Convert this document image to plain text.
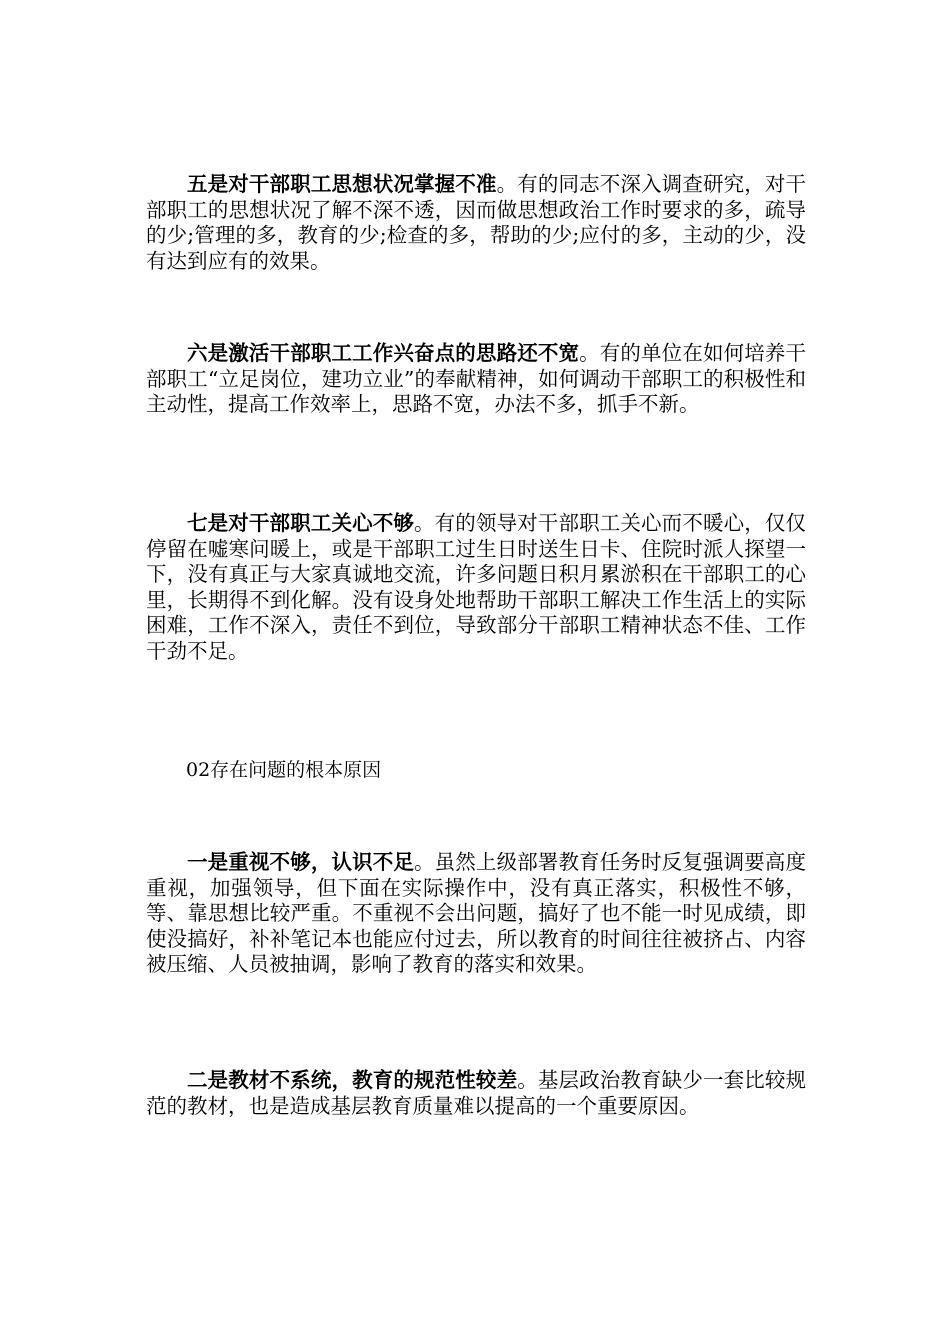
五是对干部职工思想状况掌握不准。有的同志不深入调查研究，对干部职工的思想状况了解不深不透，因而做思想政治工作时要求的多，疏导的少;管理的多，教育的少;检查的多，帮助的少;应付的多，主动的少，没有达到应有的效果。

六是激活干部职工工作兴奋点的思路还不宽。有的单位在如何培养干部职工“立足岗位，建功立业”的奉献精神，如何调动干部职工的积极性和主动性，提高工作效率上，思路不宽，办法不多，抓手不新。

七是对干部职工关心不够。有的领导对干部职工关心而不暖心，仅仅停留在嘘寒问暖上，或是干部职工过生日时送生日卡、住院时派人探望一下，没有真正与大家真诚地交流，许多问题日积月累淤积在干部职工的心里，长期得不到化解。没有设身处地帮助干部职工解决工作生活上的实际困难，工作不深入，责任不到位，导致部分干部职工精神状态不佳、工作干劲不足。

02存在问题的根本原因

一是重视不够，认识不足。虽然上级部署教育任务时反复强调要高度重视，加强领导，但下面在实际操作中，没有真正落实，积极性不够，等、靠思想比较严重。不重视不会出问题，搞好了也不能一时见成绩，即使没搞好，补补笔记本也能应付过去，所以教育的时间往往被挤占、内容被压缩、人员被抽调，影响了教育的落实和效果。

二是教材不系统，教育的规范性较差。基层政治教育缺少一套比较规范的教材，也是造成基层教育质量难以提高的一个重要原因。
